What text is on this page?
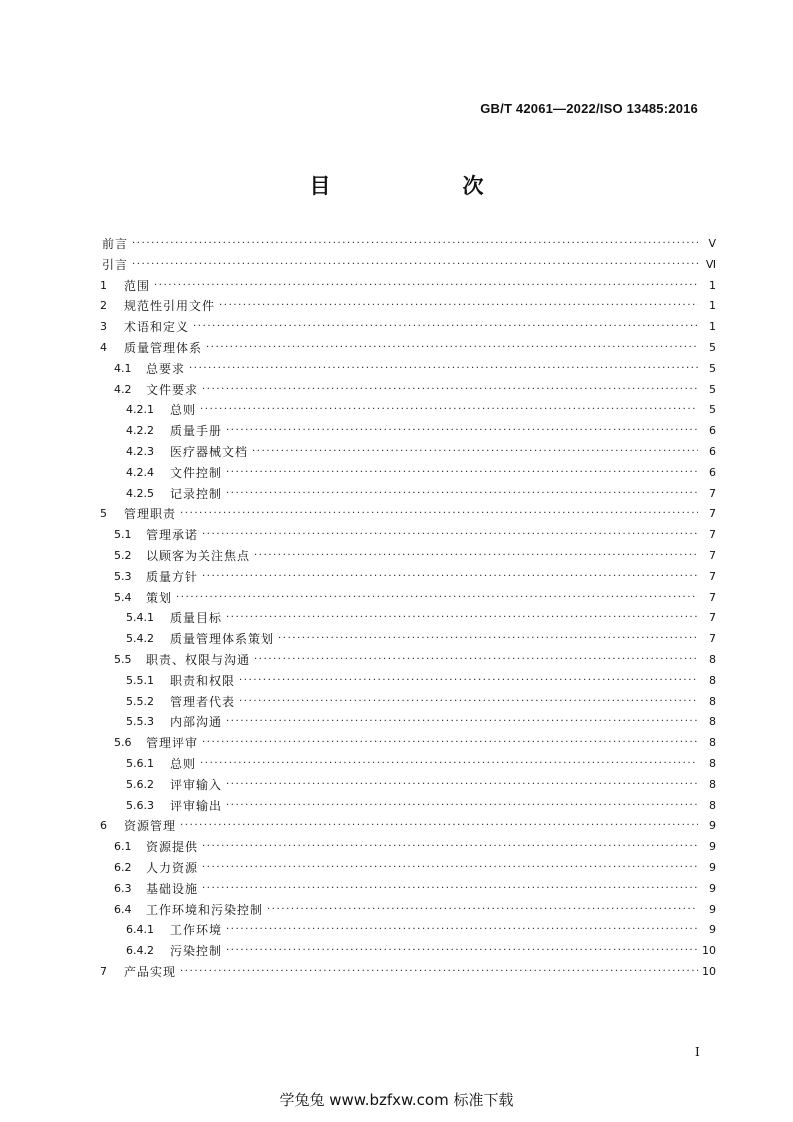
GB/T 42061—2022/ISO 13485:2016
目　　次
前言 ·····	Ⅴ
引言 ·····	Ⅵ
1	范围 ·····	1
2	规范性引用文件 ·····	1
3	术语和定义 ·····	1
4	质量管理体系 ·····	5
4.1	总要求 ·····	5
4.2	文件要求 ·····	5
4.2.1	总则 ·····	5
4.2.2	质量手册 ·····	6
4.2.3	医疗器械文档 ·····	6
4.2.4	文件控制 ·····	6
4.2.5	记录控制 ·····	7
5	管理职责 ·····	7
5.1	管理承诺 ·····	7
5.2	以顾客为关注焦点 ·····	7
5.3	质量方针 ·····	7
5.4	策划 ·····	7
5.4.1	质量目标 ·····	7
5.4.2	质量管理体系策划 ·····	7
5.5	职责、权限与沟通 ·····	8
5.5.1	职责和权限 ·····	8
5.5.2	管理者代表 ·····	8
5.5.3	内部沟通 ·····	8
5.6	管理评审 ·····	8
5.6.1	总则 ·····	8
5.6.2	评审输入 ·····	8
5.6.3	评审输出 ·····	8
6	资源管理 ·····	9
6.1	资源提供 ·····	9
6.2	人力资源 ·····	9
6.3	基础设施 ·····	9
6.4	工作环境和污染控制 ·····	9
6.4.1	工作环境 ·····	9
6.4.2	污染控制 ·····	10
7	产品实现 ·····	10
Ⅰ
学兔兔 www.bzfxw.com 标准下载
